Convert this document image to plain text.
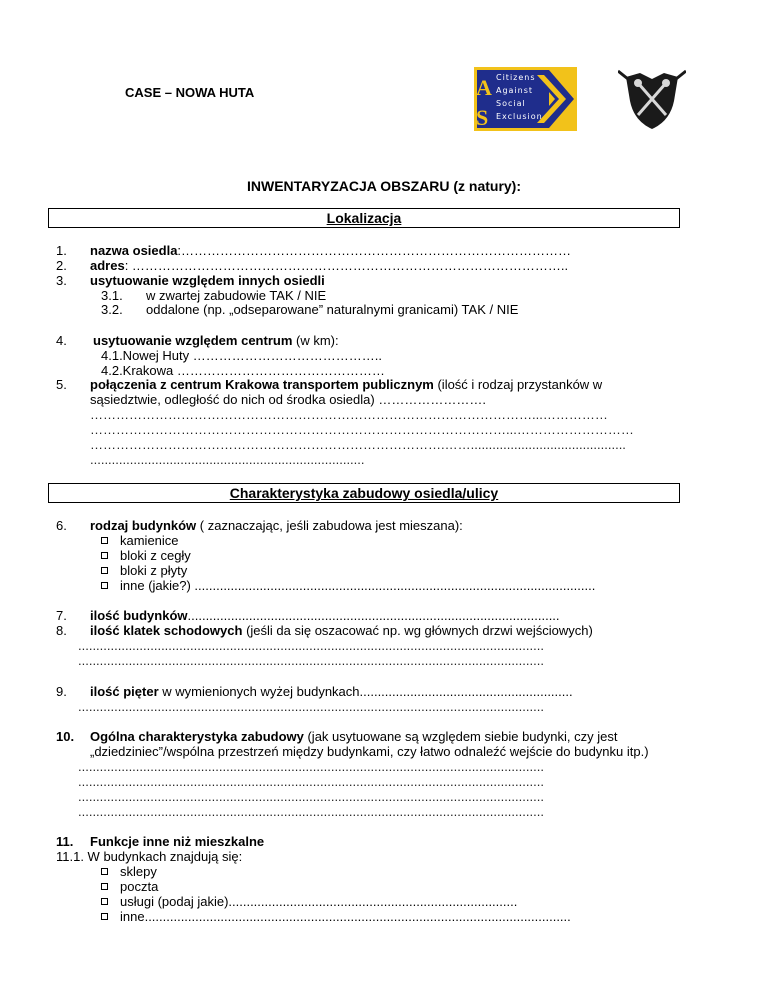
CASE – NOWA HUTA	A
S
Citizens
Against
Social
Exclusion
INWENTARYZACJA OBSZARU (z natury):
Lokalizacja
1. nazwa osiedla:………………………………………………………………………………
2. adres: ………………………………………………………………………………………..
3. usytuowanie względem innych osiedli
3.1. w zwartej zabudowie TAK / NIE
3.2. oddalone (np. „odseparowane” naturalnymi granicami) TAK / NIE
4. usytuowanie względem centrum (w km):
4.1.Nowej Huty ……………………………………..
4.2.Krakowa …………………………………………
5. połączenia z centrum Krakowa transportem publicznym (ilość i rodzaj przystanków w
sąsiedztwie, odległość do nich od środka osiedla) …………………….
…………………………………………………………………………………………...……………
……………………………………………………………………………………...………………………
……………………………………………………………………….……...........................................
............................................................................
Charakterystyka zabudowy osiedla/ulicy
6. rodzaj budynków ( zaznaczając, jeśli zabudowa jest mieszana):
kamienice
bloki z cegły
bloki z płyty
inne (jakie?) ...............................................................................................................
7. ilość budynków.......................................................................................................
8. ilość klatek schodowych (jeśli da się oszacować np. wg głównych drzwi wejściowych)
.................................................................................................................................
.................................................................................................................................
9. ilość pięter w wymienionych wyżej budynkach...........................................................
.................................................................................................................................
10. Ogólna charakterystyka zabudowy (jak usytuowane są względem siebie budynki, czy jest
„dziedziniec”/wspólna przestrzeń między budynkami, czy łatwo odnaleźć wejście do budynku itp.)
.................................................................................................................................
.................................................................................................................................
.................................................................................................................................
.................................................................................................................................
11. Funkcje inne niż mieszkalne
11.1. W budynkach znajdują się:
sklepy
poczta
usługi (podaj jakie)................................................................................
inne......................................................................................................................
